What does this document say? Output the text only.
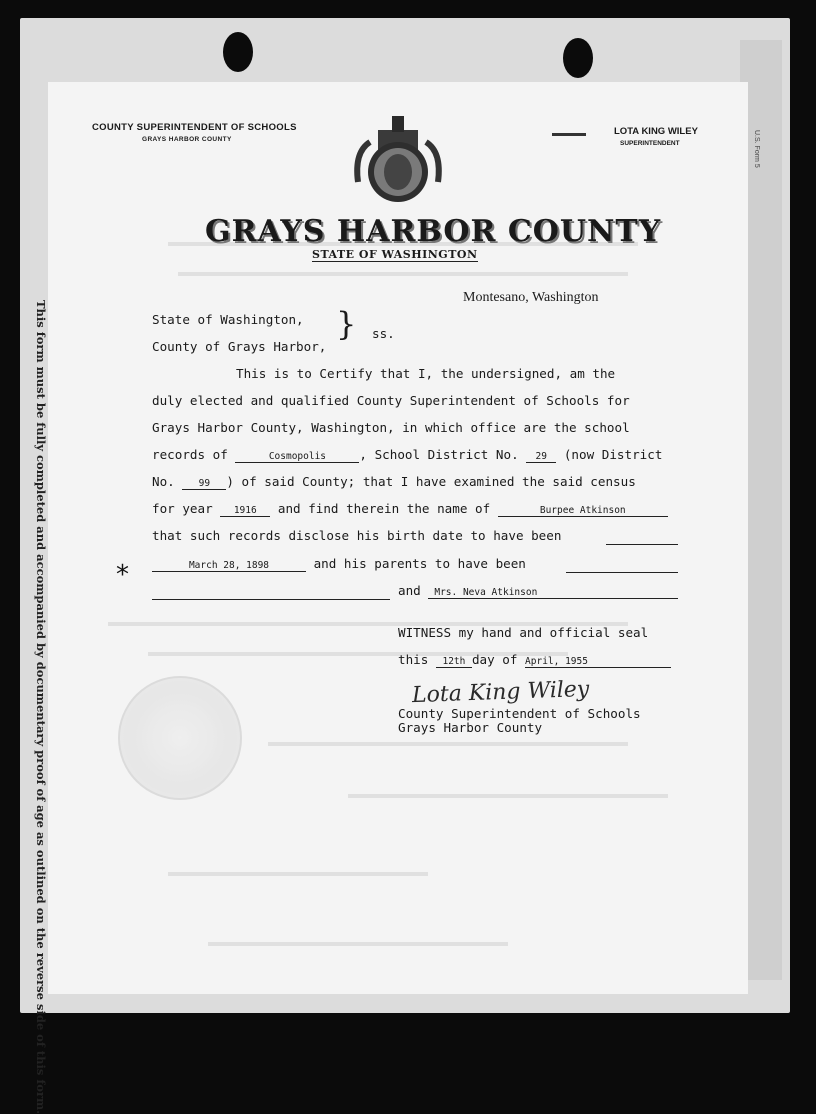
U.S. Form 5
This form must be fully completed and accompanied by documentary proof of age as outlined on the reverse side of this form.
COUNTY SUPERINTENDENT OF SCHOOLS
GRAYS HARBOR COUNTY
LOTA KING WILEY
SUPERINTENDENT
GRAYS HARBOR COUNTY
STATE OF WASHINGTON
Montesano, Washington
State of Washington,
County of Grays Harbor,
} ss.
This is to Certify that I, the undersigned, am the
duly elected and qualified County Superintendent of Schools for
Grays Harbor County, Washington, in which office are the school
records of	Cosmopolis	, School District No. 29 (now District
No.	99 ) of said County; that I have examined the said census
for year 1916 and find therein the name of	Burpee Atkinson
that such records disclose his birth date to have been
*	March 28, 1898	and his parents to have been
and Mrs. Neva Atkinson
WITNESS my hand and official seal
this 12th day of April, 1955
Lota King Wiley
County Superintendent of Schools
Grays Harbor County
